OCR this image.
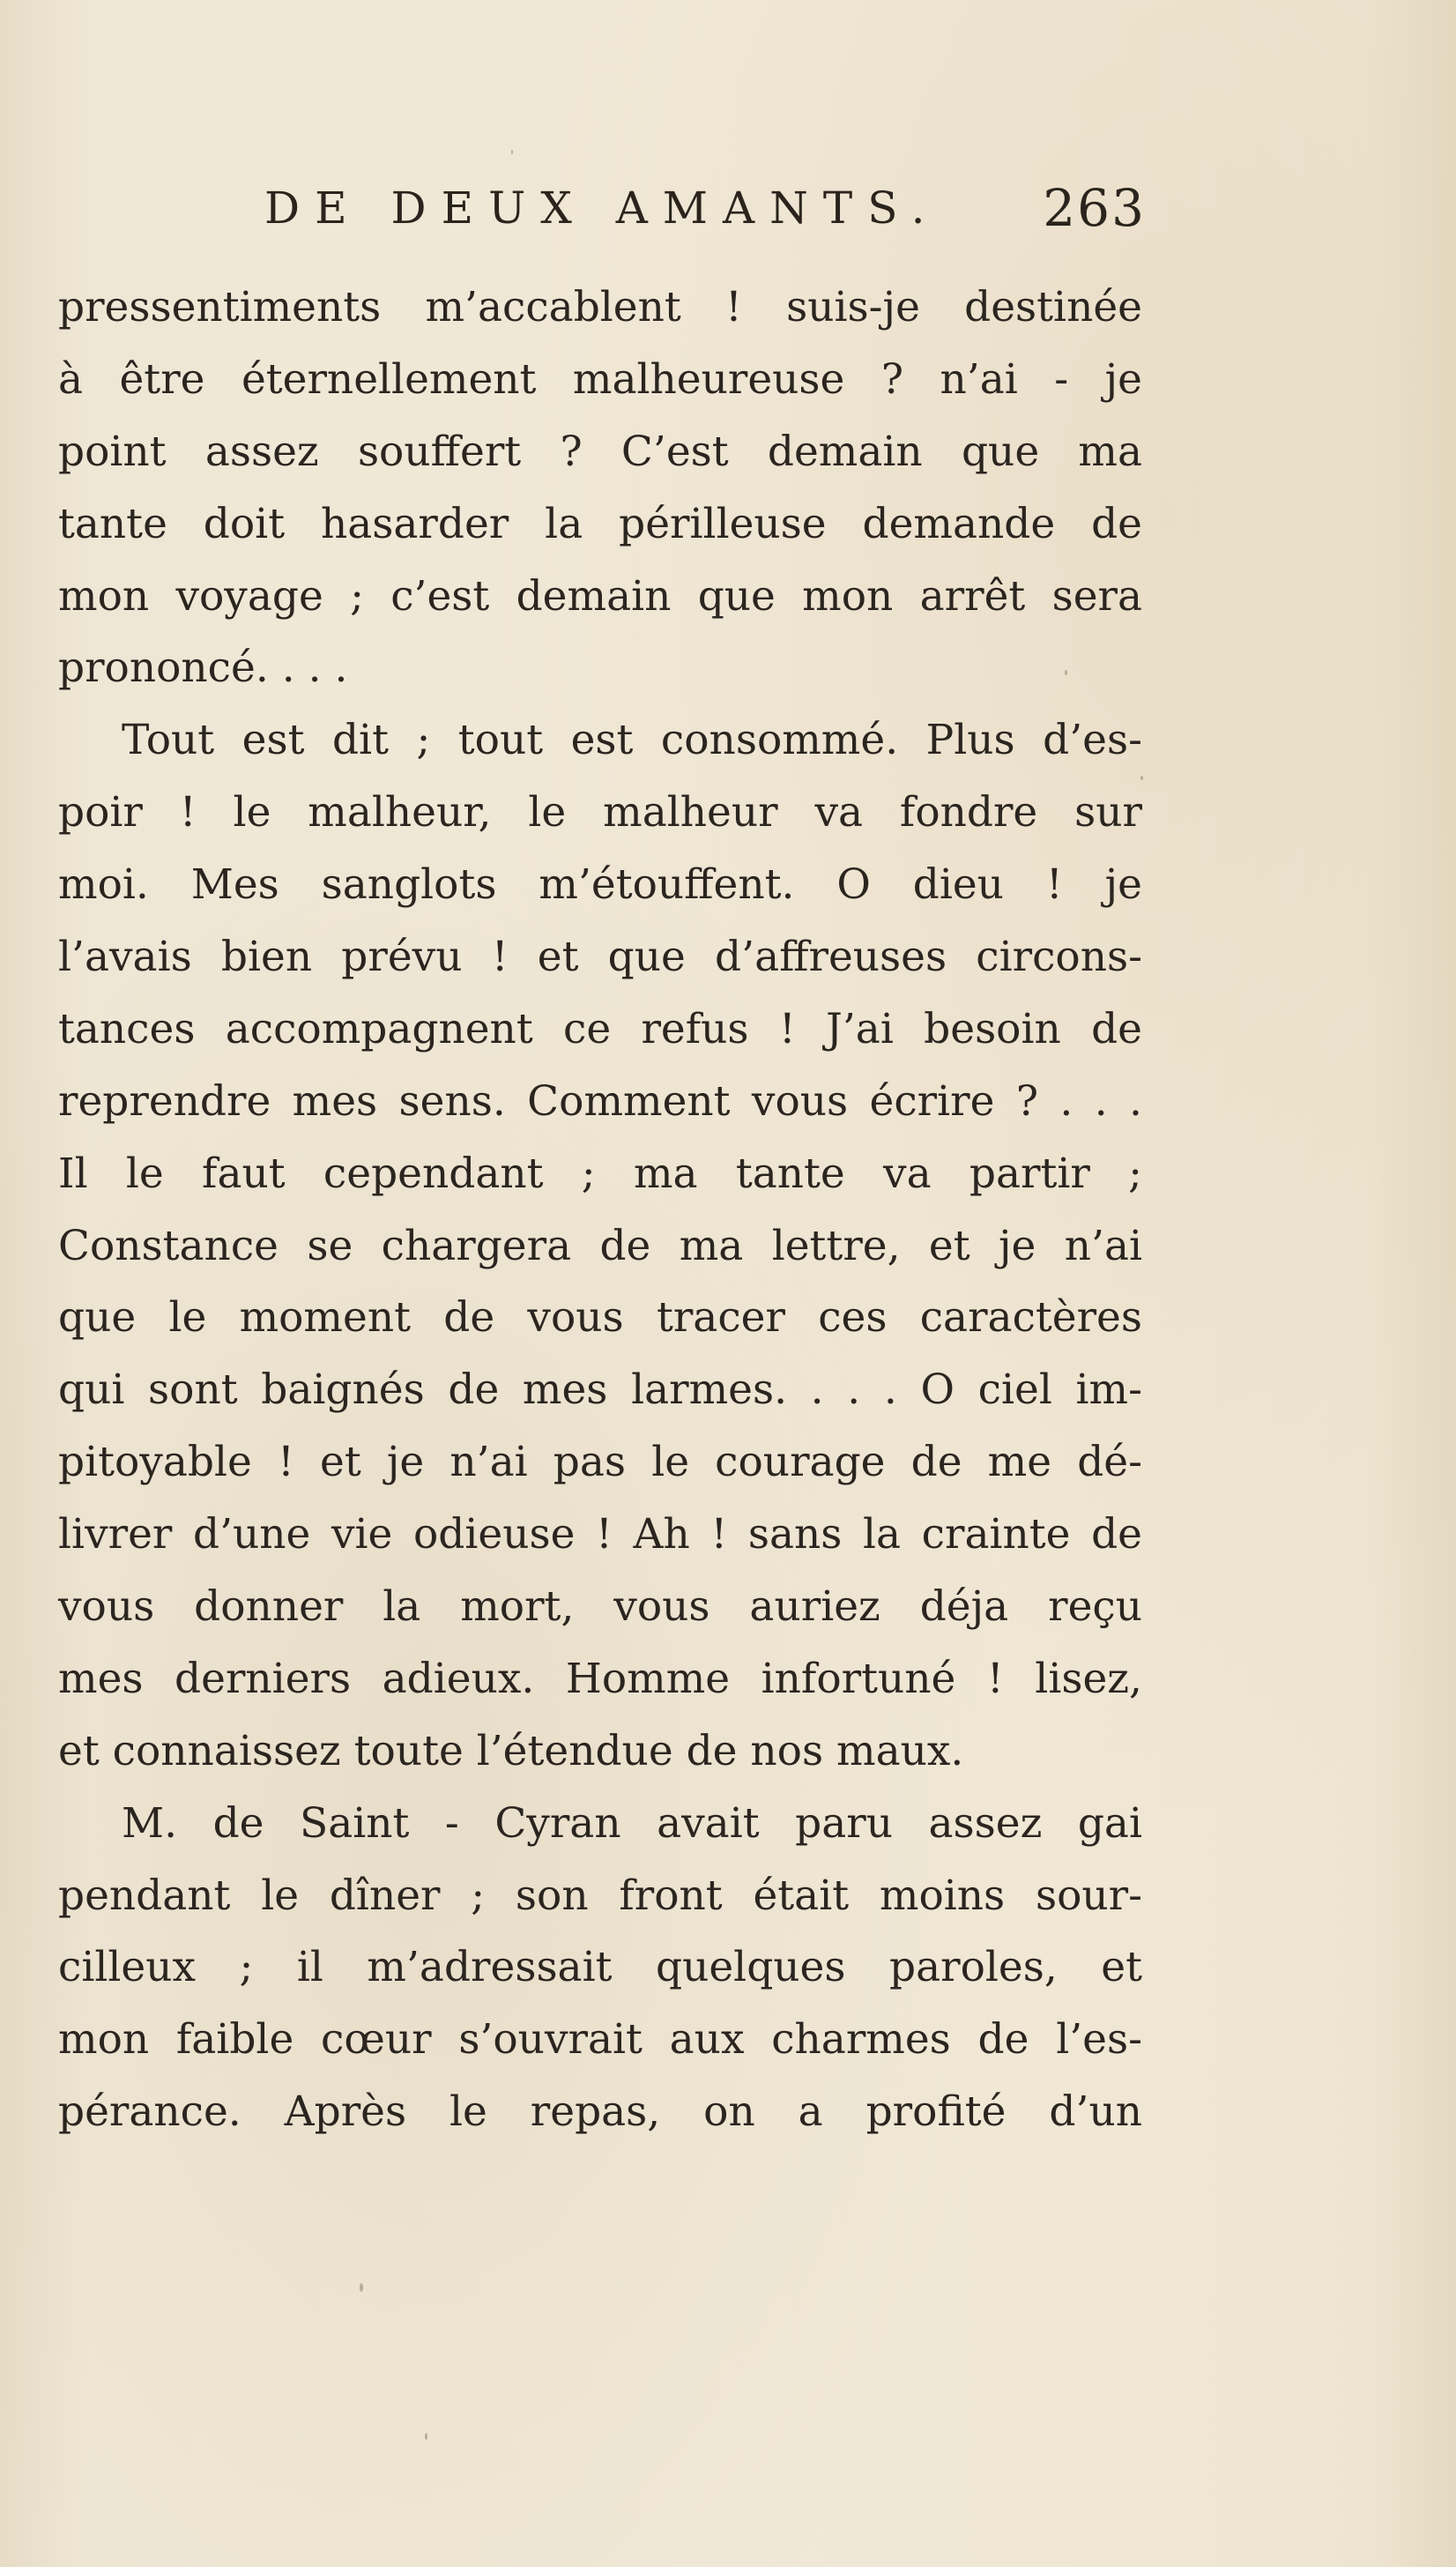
DE DEUX AMANTS. 263
pressentiments m’accablent ! suis-je destinée
à être éternellement malheureuse ? n’ai - je
point assez souffert ? C’est demain que ma
tante doit hasarder la périlleuse demande de
mon voyage ; c’est demain que mon arrêt sera
prononcé. . . .
Tout est dit ; tout est consommé. Plus d’es-
poir ! le malheur, le malheur va fondre sur
moi. Mes sanglots m’étouffent. O dieu ! je
l’avais bien prévu ! et que d’affreuses circons-
tances accompagnent ce refus ! J’ai besoin de
reprendre mes sens. Comment vous écrire ? . . .
Il le faut cependant ; ma tante va partir ;
Constance se chargera de ma lettre, et je n’ai
que le moment de vous tracer ces caractères
qui sont baignés de mes larmes. . . . O ciel im-
pitoyable ! et je n’ai pas le courage de me dé-
livrer d’une vie odieuse ! Ah ! sans la crainte de
vous donner la mort, vous auriez déja reçu
mes derniers adieux. Homme infortuné ! lisez,
et connaissez toute l’étendue de nos maux.
M. de Saint - Cyran avait paru assez gai
pendant le dîner ; son front était moins sour-
cilleux ; il m’adressait quelques paroles, et
mon faible cœur s’ouvrait aux charmes de l’es-
pérance. Après le repas, on a profité d’un
